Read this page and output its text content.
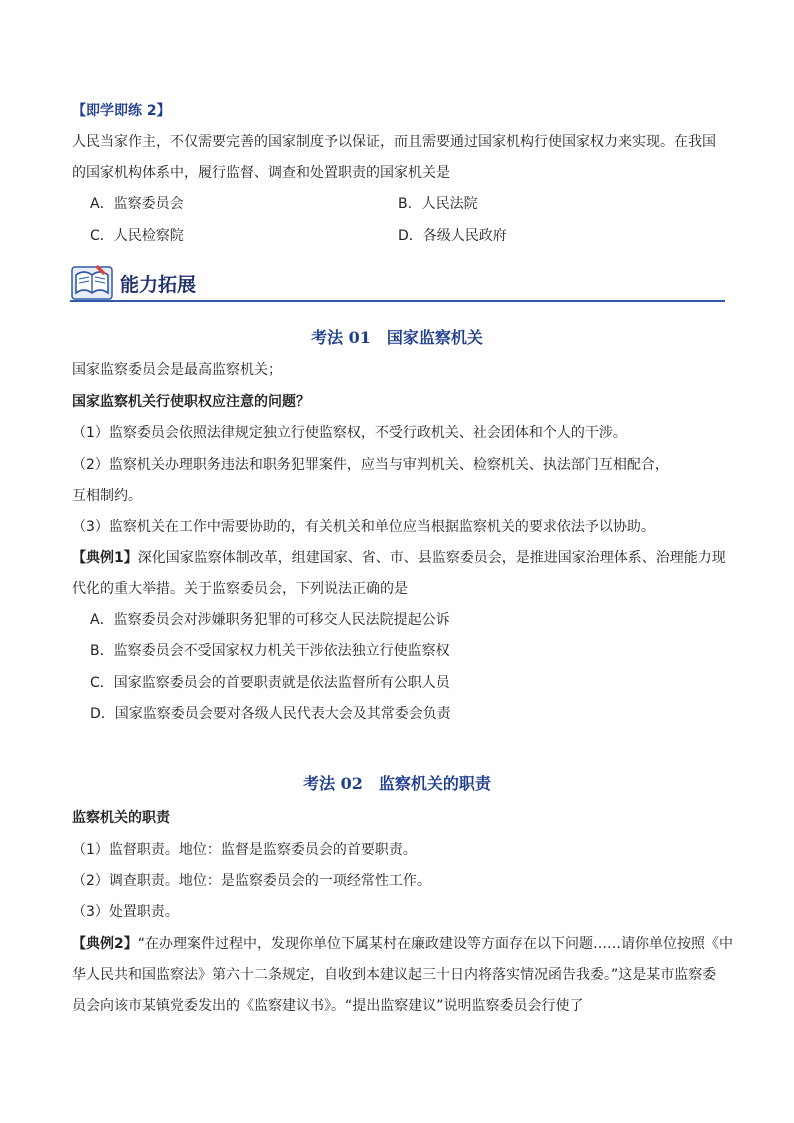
【即学即练 2】
人民当家作主，不仅需要完善的国家制度予以保证，而且需要通过国家机构行使国家权力来实现。在我国
的国家机构体系中，履行监督、调查和处置职责的国家机关是
A．监察委员会	B．人民法院
C．人民检察院	D．各级人民政府
能力拓展
考法 01　国家监察机关
国家监察委员会是最高监察机关；
国家监察机关行使职权应注意的问题？
（1）监察委员会依照法律规定独立行使监察权，不受行政机关、社会团体和个人的干涉。
（2）监察机关办理职务违法和职务犯罪案件，应当与审判机关、检察机关、执法部门互相配合，
互相制约。
（3）监察机关在工作中需要协助的，有关机关和单位应当根据监察机关的要求依法予以协助。
【典例1】深化国家监察体制改革，组建国家、省、市、县监察委员会，是推进国家治理体系、治理能力现
代化的重大举措。关于监察委员会，下列说法正确的是
A．监察委员会对涉嫌职务犯罪的可移交人民法院提起公诉
B．监察委员会不受国家权力机关干涉依法独立行使监察权
C．国家监察委员会的首要职责就是依法监督所有公职人员
D．国家监察委员会要对各级人民代表大会及其常委会负责
考法 02　监察机关的职责
监察机关的职责
（1）监督职责。地位：监督是监察委员会的首要职责。
（2）调查职责。地位：是监察委员会的一项经常性工作。
（3）处置职责。
【典例2】“在办理案件过程中，发现你单位下属某村在廉政建设等方面存在以下问题……请你单位按照《中
华人民共和国监察法》第六十二条规定，自收到本建议起三十日内将落实情况函告我委。”这是某市监察委
员会向该市某镇党委发出的《监察建议书》。“提出监察建议”说明监察委员会行使了
